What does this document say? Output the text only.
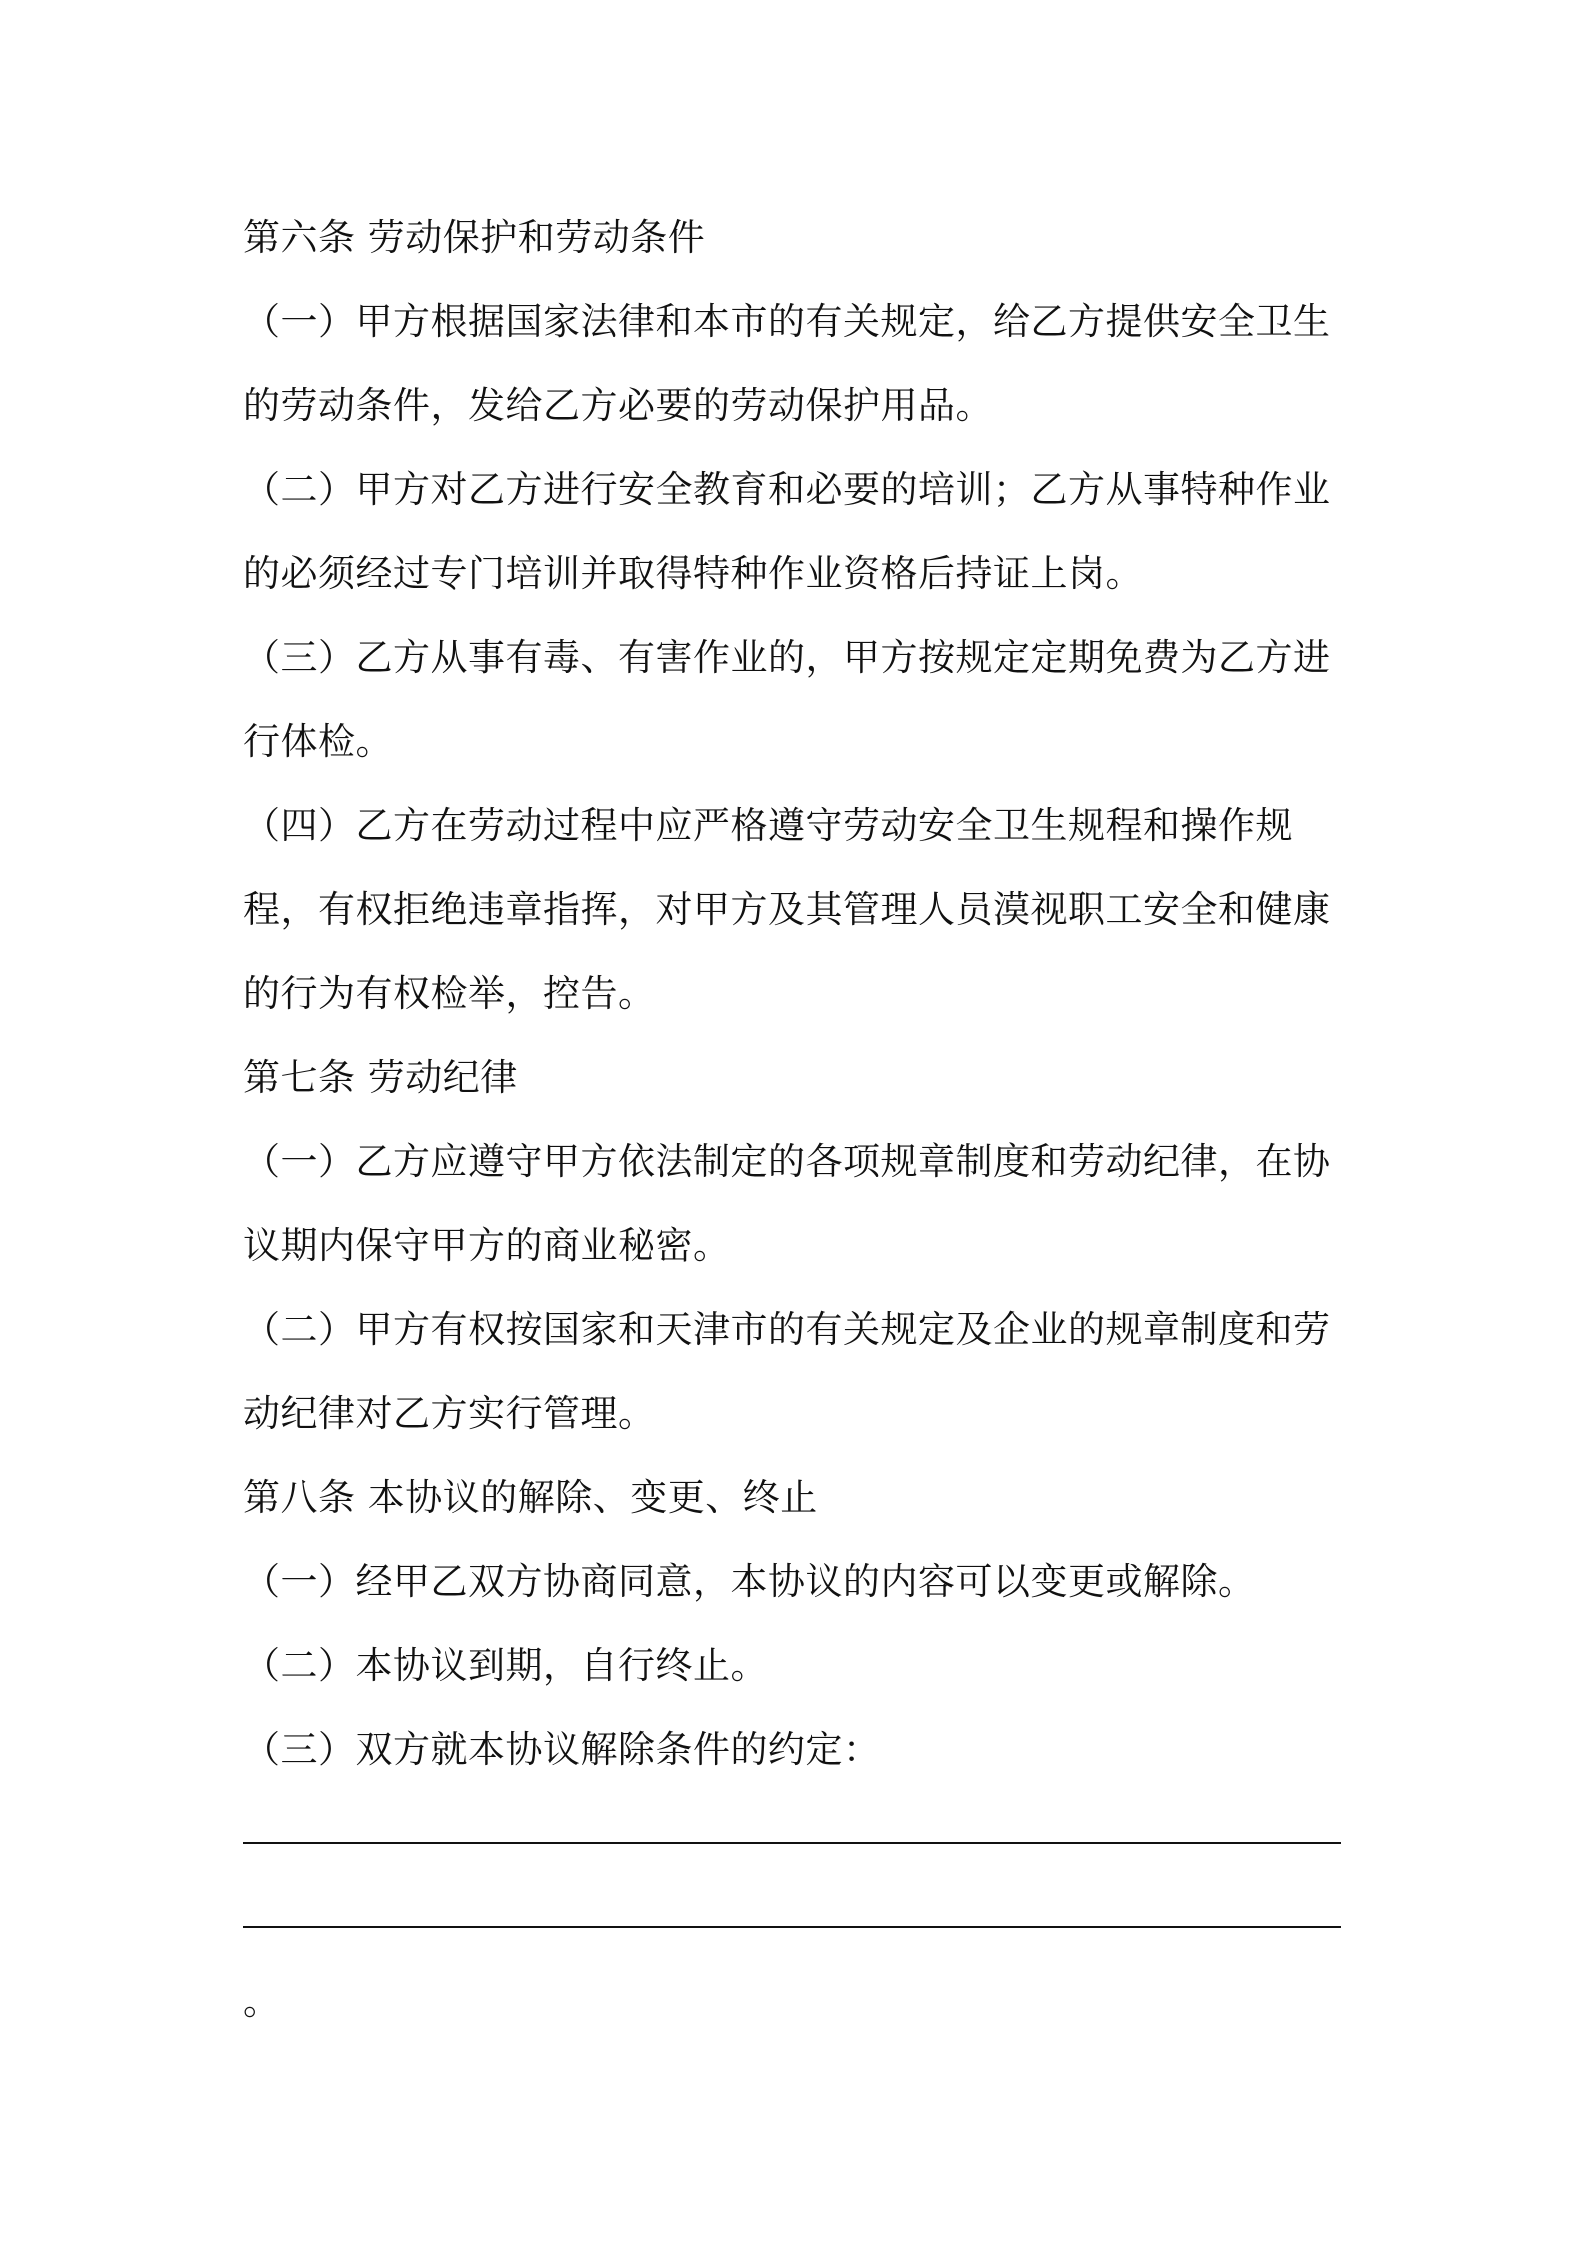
第六条 劳动保护和劳动条件
（一）甲方根据国家法律和本市的有关规定，给乙方提供安全卫生
的劳动条件，发给乙方必要的劳动保护用品。
（二）甲方对乙方进行安全教育和必要的培训；乙方从事特种作业
的必须经过专门培训并取得特种作业资格后持证上岗。
（三）乙方从事有毒、有害作业的，甲方按规定定期免费为乙方进
行体检。
（四）乙方在劳动过程中应严格遵守劳动安全卫生规程和操作规
程，有权拒绝违章指挥，对甲方及其管理人员漠视职工安全和健康
的行为有权检举，控告。
第七条 劳动纪律
（一）乙方应遵守甲方依法制定的各项规章制度和劳动纪律，在协
议期内保守甲方的商业秘密。
（二）甲方有权按国家和天津市的有关规定及企业的规章制度和劳
动纪律对乙方实行管理。
第八条 本协议的解除、变更、终止
（一）经甲乙双方协商同意，本协议的内容可以变更或解除。
（二）本协议到期，自行终止。
（三）双方就本协议解除条件的约定：
。
